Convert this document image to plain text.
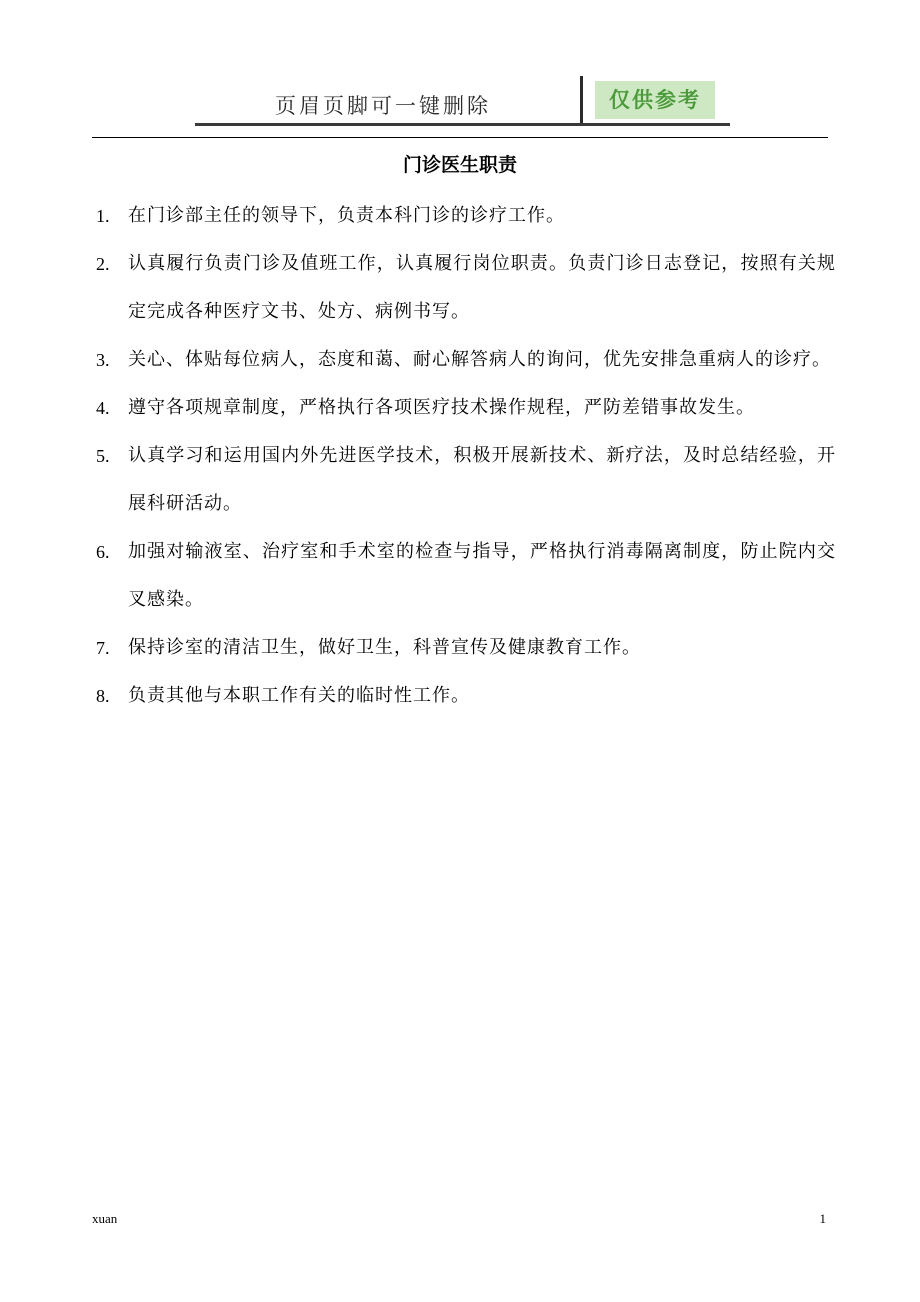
页眉页脚可一键删除	仅供参考
门诊医生职责
1.	在门诊部主任的领导下，负责本科门诊的诊疗工作。
2.	认真履行负责门诊及值班工作，认真履行岗位职责。负责门诊日志登记，按照有关规定完成各种医疗文书、处方、病例书写。
3.	关心、体贴每位病人，态度和蔼、耐心解答病人的询问，优先安排急重病人的诊疗。
4.	遵守各项规章制度，严格执行各项医疗技术操作规程，严防差错事故发生。
5.	认真学习和运用国内外先进医学技术，积极开展新技术、新疗法，及时总结经验，开展科研活动。
6.	加强对输液室、治疗室和手术室的检查与指导，严格执行消毒隔离制度，防止院内交叉感染。
7.	保持诊室的清洁卫生，做好卫生，科普宣传及健康教育工作。
8.	负责其他与本职工作有关的临时性工作。
xuan	1
